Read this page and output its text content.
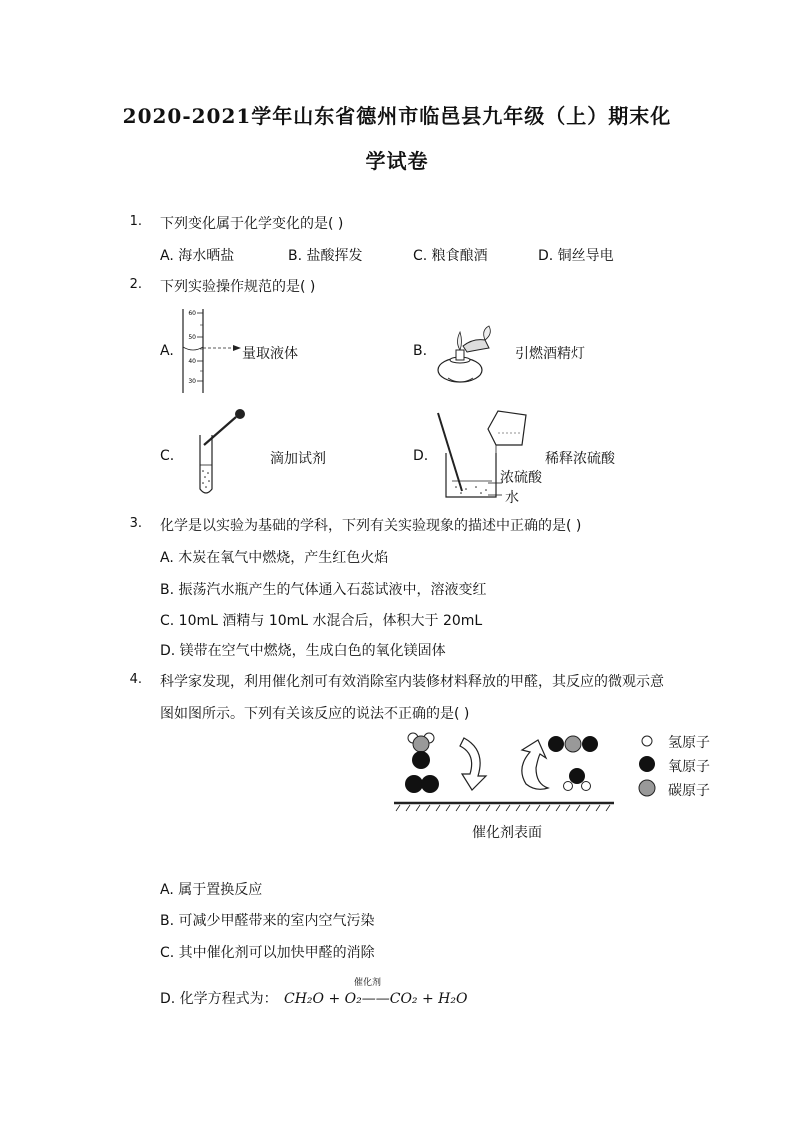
2020-2021学年山东省德州市临邑县九年级（上）期末化
学试卷
1. 下列变化属于化学变化的是( )
A. 海水晒盐	B. 盐酸挥发	C. 粮食酿酒	D. 铜丝导电
2. 下列实验操作规范的是( )
A.
60
50
40
30
量取液体	B.	引燃酒精灯
C.	滴加试剂	D.	稀释浓硫酸
浓硫酸
水
3. 化学是以实验为基础的学科，下列有关实验现象的描述中正确的是( )
A. 木炭在氧气中燃烧，产生红色火焰
B. 振荡汽水瓶产生的气体通入石蕊试液中，溶液变红
C. 10mL 酒精与 10mL 水混合后，体积大于 20mL
D. 镁带在空气中燃烧，生成白色的氧化镁固体
4. 科学家发现，利用催化剂可有效消除室内装修材料释放的甲醛，其反应的微观示意
图如图所示。下列有关该反应的说法不正确的是( )
催化剂表面
氢原子
氧原子
碳原子
A. 属于置换反应
B. 可减少甲醛带来的室内空气污染
C. 其中催化剂可以加快甲醛的消除
D. 化学方程式为：
催化剂
CH₂O + O₂——CO₂ + H₂O
